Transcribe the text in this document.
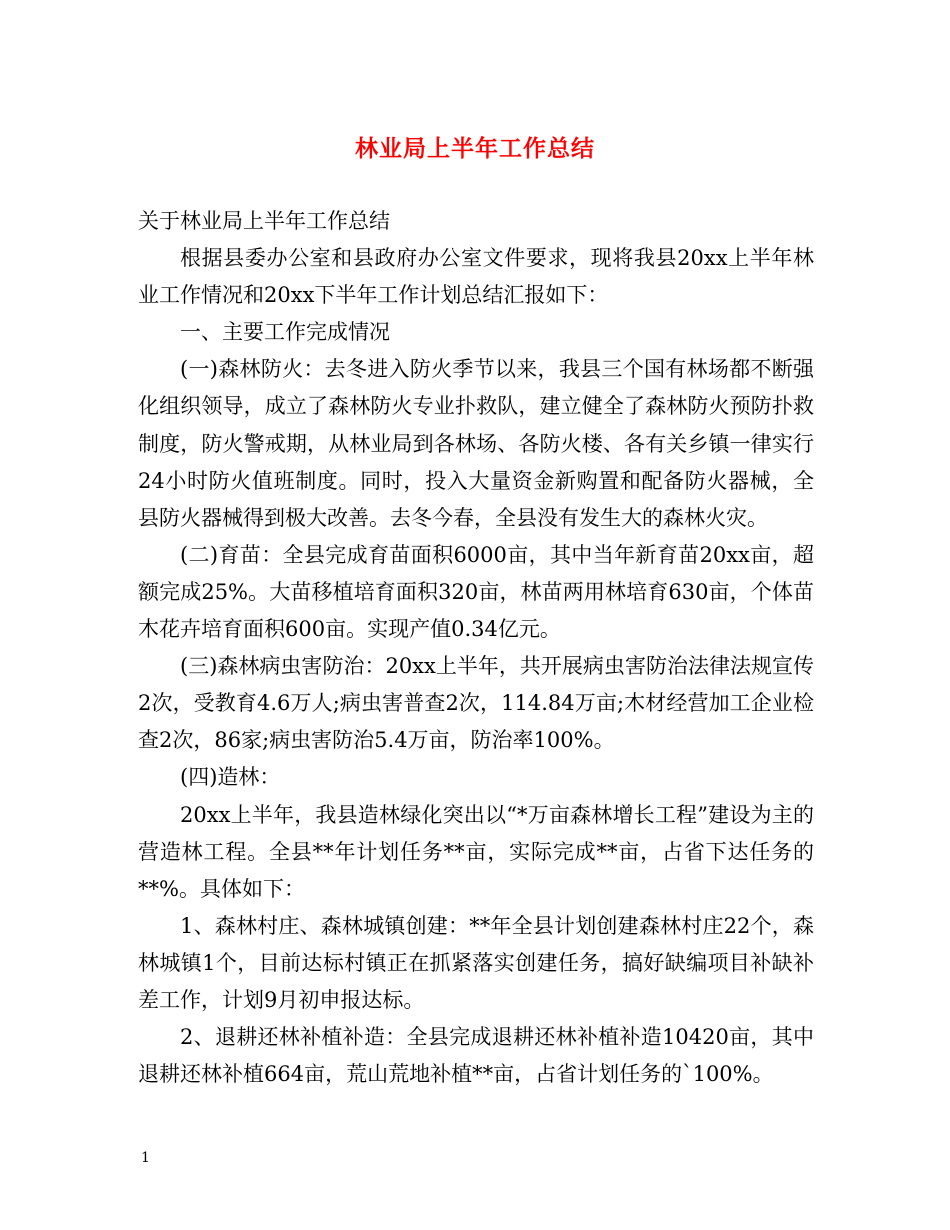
林业局上半年工作总结

关于林业局上半年工作总结

根据县委办公室和县政府办公室文件要求，现将我县20xx上半年林业工作情况和20xx下半年工作计划总结汇报如下：

一、主要工作完成情况

(一)森林防火：去冬进入防火季节以来，我县三个国有林场都不断强化组织领导，成立了森林防火专业扑救队，建立健全了森林防火预防扑救制度，防火警戒期，从林业局到各林场、各防火楼、各有关乡镇一律实行24小时防火值班制度。同时，投入大量资金新购置和配备防火器械，全县防火器械得到极大改善。去冬今春，全县没有发生大的森林火灾。

(二)育苗：全县完成育苗面积6000亩，其中当年新育苗20xx亩，超额完成25%。大苗移植培育面积320亩，林苗两用林培育630亩，个体苗木花卉培育面积600亩。实现产值0.34亿元。

(三)森林病虫害防治：20xx上半年，共开展病虫害防治法律法规宣传2次，受教育4.6万人;病虫害普查2次，114.84万亩;木材经营加工企业检查2次，86家;病虫害防治5.4万亩，防治率100%。

(四)造林：

20xx上半年，我县造林绿化突出以“*万亩森林增长工程”建设为主的营造林工程。全县**年计划任务**亩，实际完成**亩，占省下达任务的**%。具体如下：

1、森林村庄、森林城镇创建：**年全县计划创建森林村庄22个，森林城镇1个，目前达标村镇正在抓紧落实创建任务，搞好缺编项目补缺补差工作，计划9月初申报达标。

2、退耕还林补植补造：全县完成退耕还林补植补造10420亩，其中退耕还林补植664亩，荒山荒地补植**亩，占省计划任务的`100%。

1
